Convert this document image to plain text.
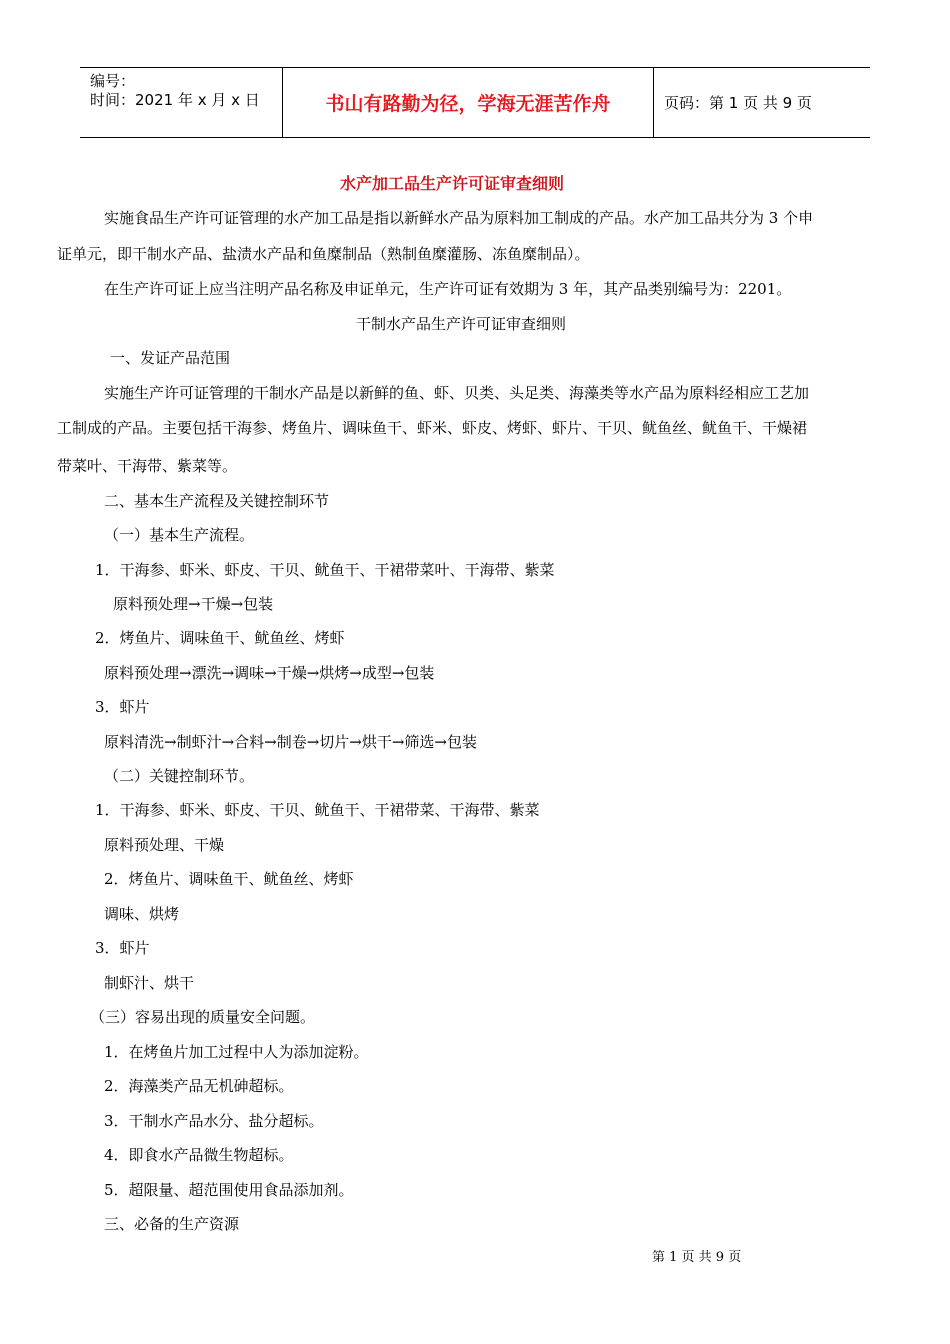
编号：
时间：2021 年 x 月 x 日	书山有路勤为径，学海无涯苦作舟	页码：第 1 页 共 9 页
水产加工品生产许可证审查细则
实施食品生产许可证管理的水产加工品是指以新鲜水产品为原料加工制成的产品。水产加工品共分为 3 个申
证单元，即干制水产品、盐渍水产品和鱼糜制品（熟制鱼糜灌肠、冻鱼糜制品）。
在生产许可证上应当注明产品名称及申证单元，生产许可证有效期为 3 年，其产品类别编号为：2201。
干制水产品生产许可证审查细则
一、发证产品范围
实施生产许可证管理的干制水产品是以新鲜的鱼、虾、贝类、头足类、海藻类等水产品为原料经相应工艺加
工制成的产品。主要包括干海参、烤鱼片、调味鱼干、虾米、虾皮、烤虾、虾片、干贝、鱿鱼丝、鱿鱼干、干燥裙
带菜叶、干海带、紫菜等。
二、基本生产流程及关键控制环节
（一）基本生产流程。
1．干海参、虾米、虾皮、干贝、鱿鱼干、干裙带菜叶、干海带、紫菜
原料预处理→干燥→包装
2．烤鱼片、调味鱼干、鱿鱼丝、烤虾
原料预处理→漂洗→调味→干燥→烘烤→成型→包装
3．虾片
原料清洗→制虾汁→合料→制卷→切片→烘干→筛选→包装
（二）关键控制环节。
1．干海参、虾米、虾皮、干贝、鱿鱼干、干裙带菜、干海带、紫菜
原料预处理、干燥
2．烤鱼片、调味鱼干、鱿鱼丝、烤虾
调味、烘烤
3．虾片
制虾汁、烘干
（三）容易出现的质量安全问题。
1．在烤鱼片加工过程中人为添加淀粉。
2．海藻类产品无机砷超标。
3．干制水产品水分、盐分超标。
4．即食水产品微生物超标。
5．超限量、超范围使用食品添加剂。
三、必备的生产资源
第 1 页 共 9 页
